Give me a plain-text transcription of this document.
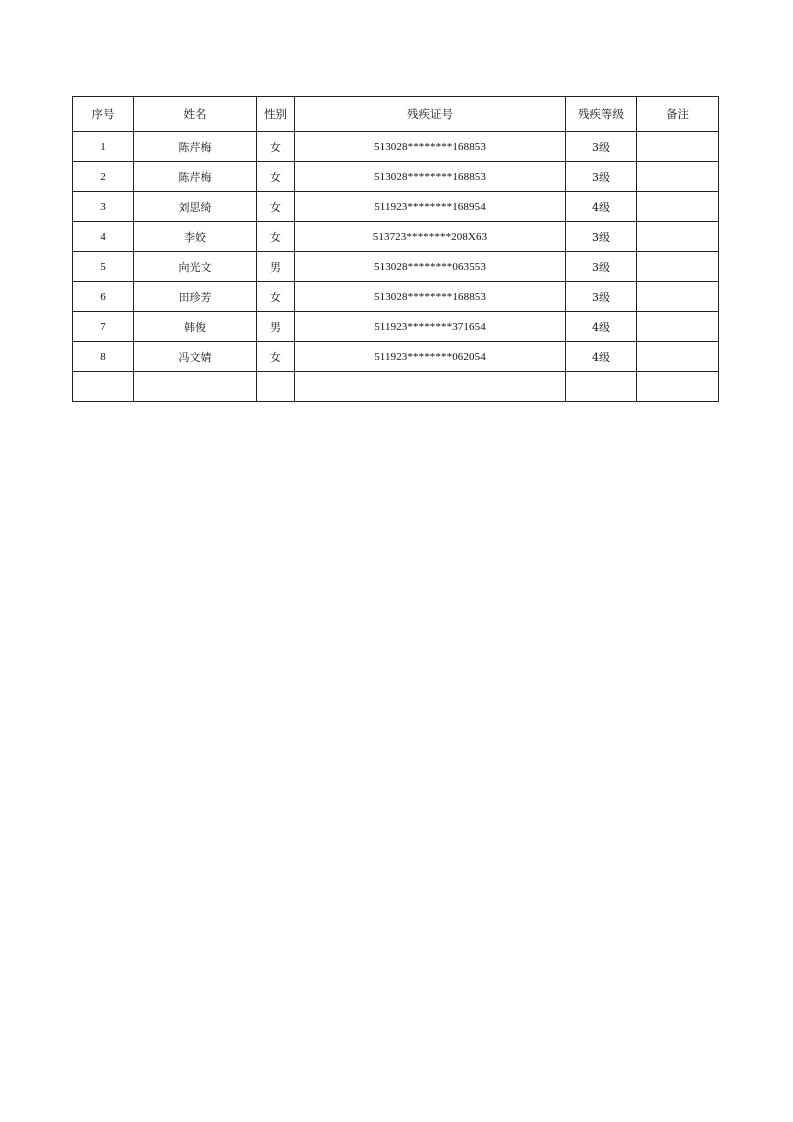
序号	姓名	性别	残疾证号	残疾等级	备注
1	陈芹梅	女	513028********168853	3级	
2	陈芹梅	女	513028********168853	3级	
3	刘思绮	女	511923********168954	4级	
4	李姣	女	513723********208X63	3级	
5	向光文	男	513028********063553	3级	
6	田珍芳	女	513028********168853	3级	
7	韩俊	男	511923********371654	4级	
8	冯文婧	女	511923********062054	4级	
